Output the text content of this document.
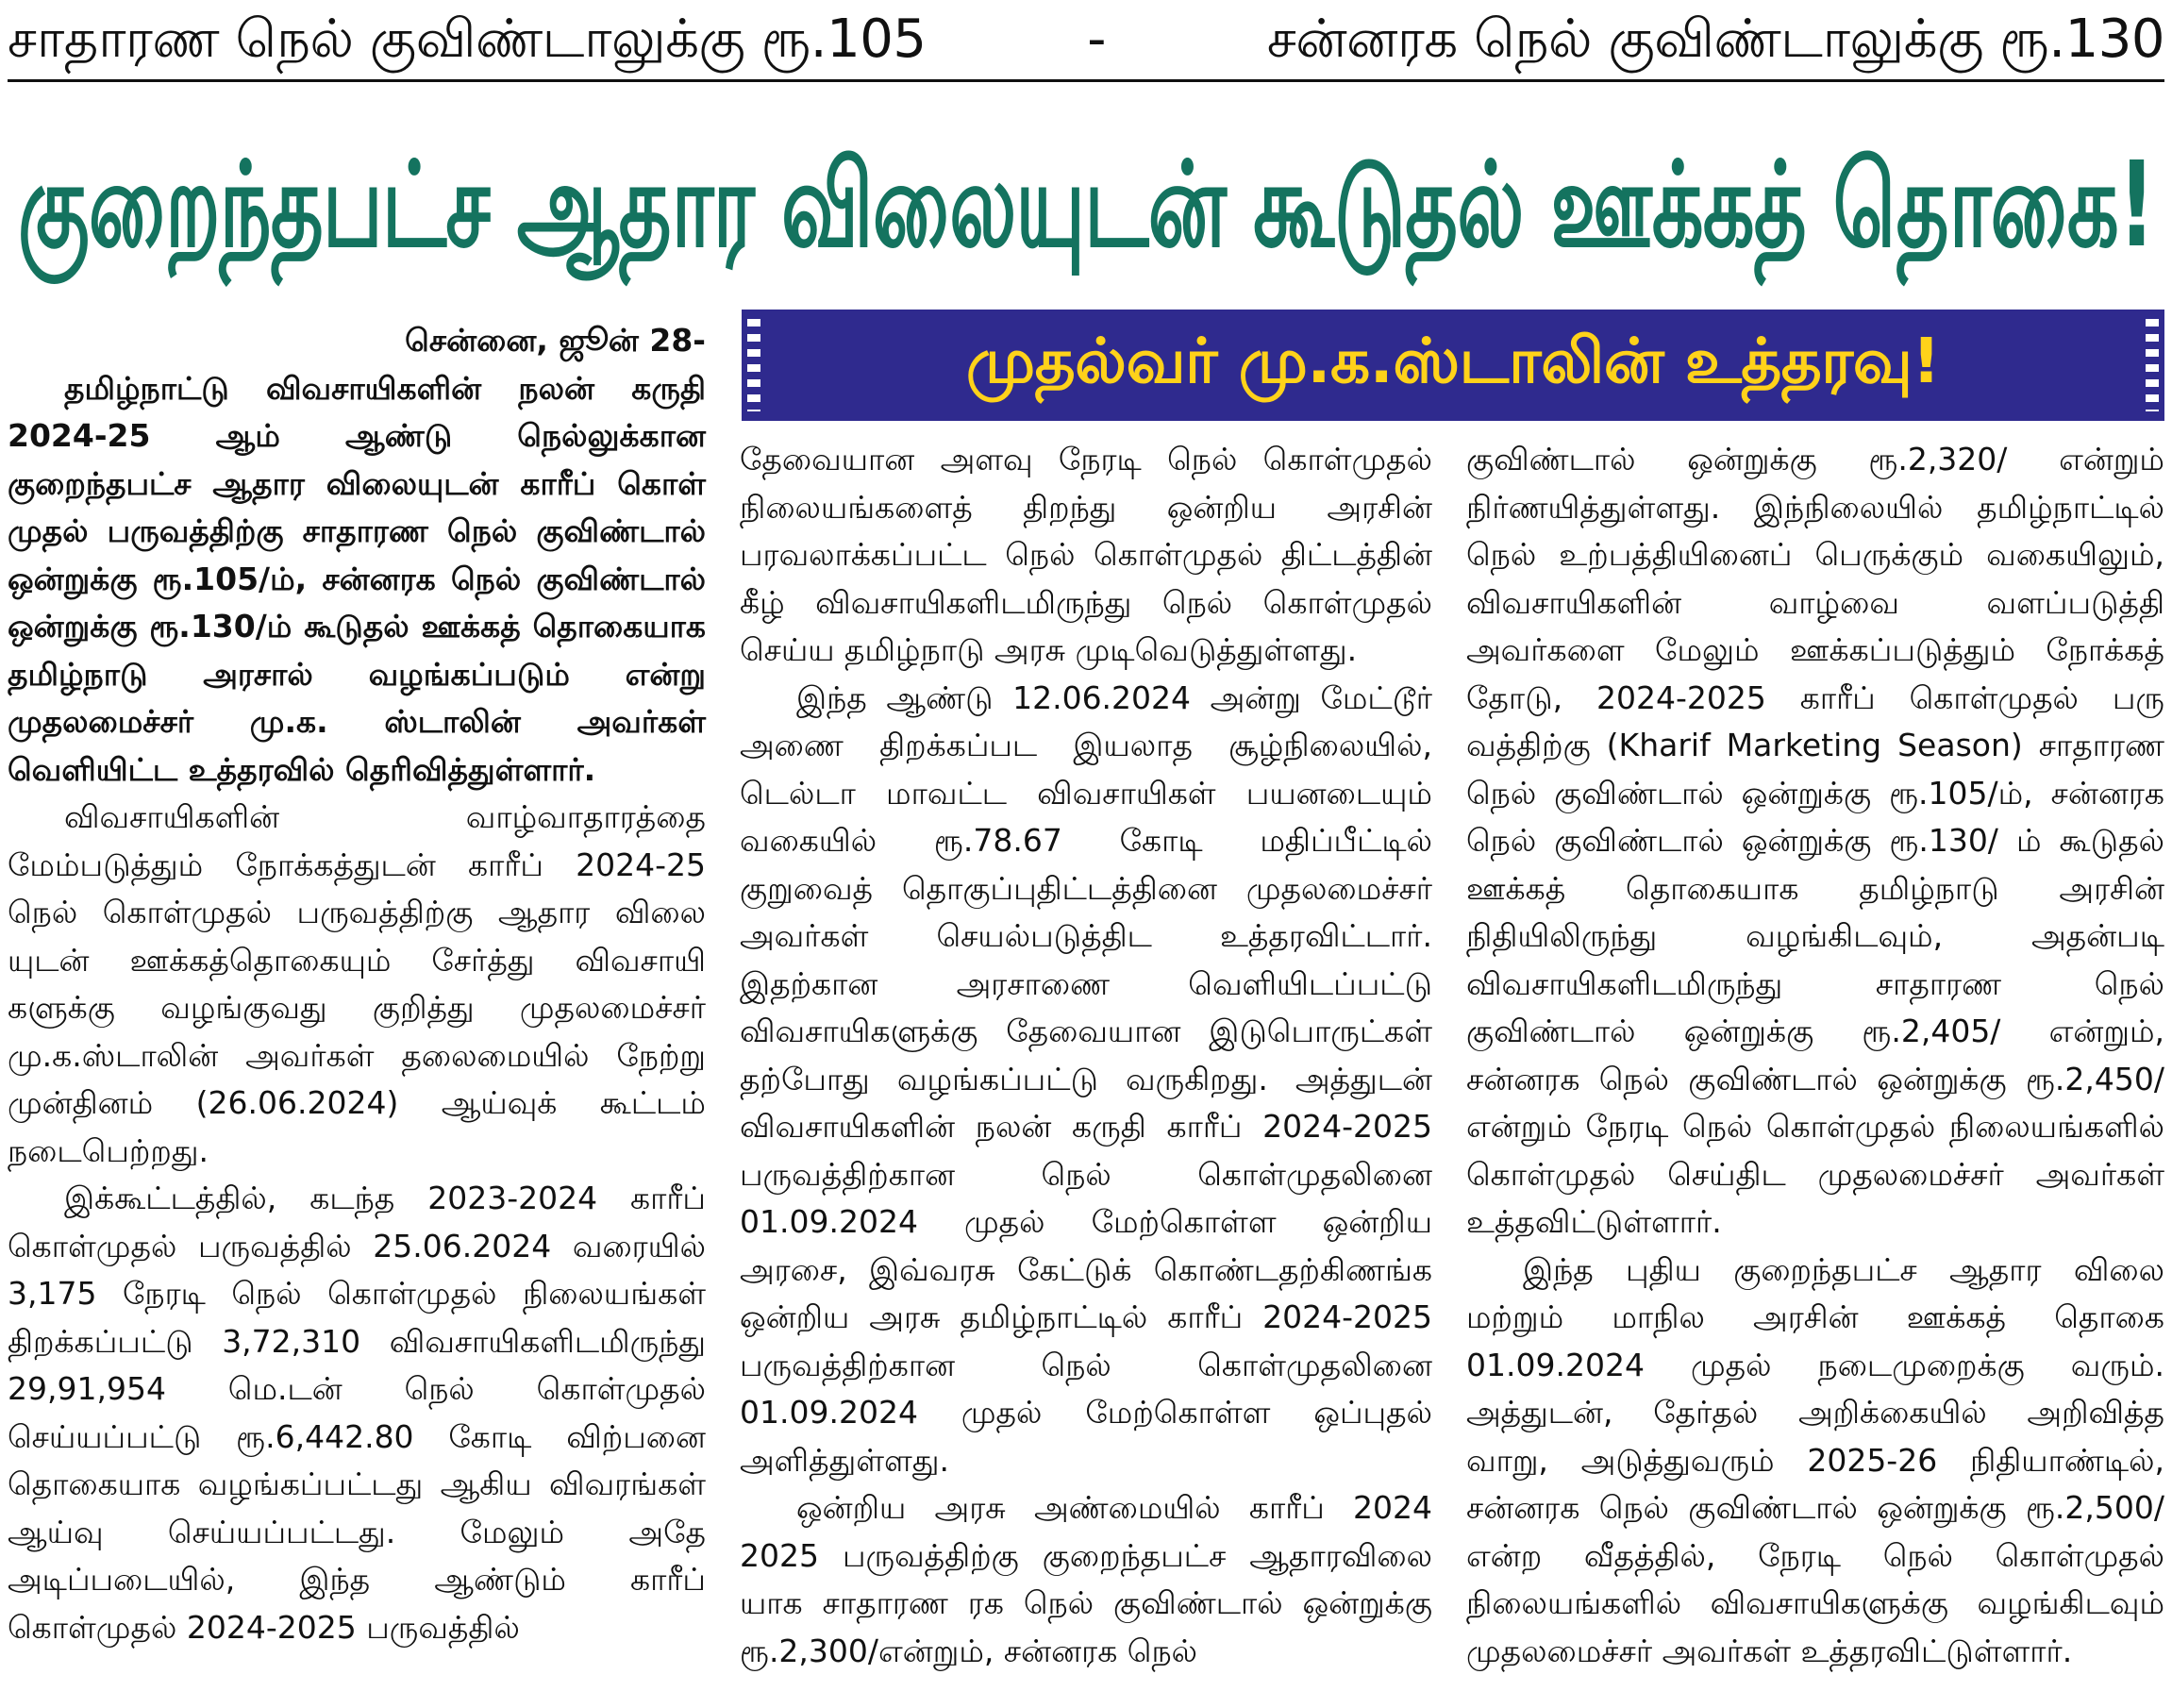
சாதாரண நெல் குவிண்டாலுக்கு ரூ.105	-	சன்னரக நெல் குவிண்டாலுக்கு ரூ.130
குறைந்தபட்ச ஆதார விலையுடன் கூடுதல் ஊக்கத் தொகை!
முதல்வர் மு.க.ஸ்டாலின் உத்தரவு!

சென்னை, ஜூன் 28-

தமிழ்நாட்டு விவசாயிகளின் நலன் கருதி 2024-25 ஆம் ஆண்டு நெல்லுக்கான குறைந்தபட்ச ஆதார விலையுடன் காரீப் கொள் முதல் பருவத்திற்கு சாதாரண நெல் குவிண்டால் ஒன்றுக்கு ரூ.105/ம், சன்னரக நெல் குவிண்டால் ஒன்றுக்கு ரூ.130/ம் கூடுதல் ஊக்கத் தொகையாக தமிழ்நாடு அரசால் வழங்கப்படும் என்று முதலமைச்சர் மு.க. ஸ்டாலின் அவர்கள் வெளியிட்ட உத்தரவில் தெரிவித்துள்ளார்.

விவசாயிகளின் வாழ்வாதாரத்தை மேம்படுத்தும் நோக்கத்துடன் காரீப் 2024-25 நெல் கொள்முதல் பருவத்திற்கு ஆதார விலை யுடன் ஊக்கத்தொகையும் சேர்த்து விவசாயி களுக்கு வழங்குவது குறித்து முதலமைச்சர் மு.க.ஸ்டாலின் அவர்கள் தலைமையில் நேற்று முன்தினம் (26.06.2024) ஆய்வுக் கூட்டம் நடைபெற்றது.

இக்கூட்டத்தில், கடந்த 2023-2024 காரீப் கொள்முதல் பருவத்தில் 25.06.2024 வரையில் 3,175 நேரடி நெல் கொள்முதல் நிலையங்கள் திறக்கப்பட்டு 3,72,310 விவசாயிகளிடமிருந்து 29,91,954 மெ.டன் நெல் கொள்முதல் செய்யப்பட்டு ரூ.6,442.80 கோடி விற்பனை தொகையாக வழங்கப்பட்டது ஆகிய விவரங்கள் ஆய்வு செய்யப்பட்டது. மேலும் அதே அடிப்படையில், இந்த ஆண்டும் காரீப் கொள்முதல் 2024-2025 பருவத்தில்

தேவையான அளவு நேரடி நெல் கொள்முதல் நிலையங்களைத் திறந்து ஒன்றிய அரசின் பரவலாக்கப்பட்ட நெல் கொள்முதல் திட்டத்தின் கீழ் விவசாயிகளிடமிருந்து நெல் கொள்முதல் செய்ய தமிழ்நாடு அரசு முடிவெடுத்துள்ளது.

இந்த ஆண்டு 12.06.2024 அன்று மேட்டூர் அணை திறக்கப்பட இயலாத சூழ்நிலையில், டெல்டா மாவட்ட விவசாயிகள் பயனடையும் வகையில் ரூ.78.67 கோடி மதிப்பீட்டில் குறுவைத் தொகுப்புதிட்டத்தினை முதலமைச்சர் அவர்கள் செயல்படுத்திட உத்தரவிட்டார். இதற்கான அரசாணை வெளியிடப்பட்டு விவசாயிகளுக்கு தேவையான இடுபொருட்கள் தற்போது வழங்கப்பட்டு வருகிறது. அத்துடன் விவசாயிகளின் நலன் கருதி காரீப் 2024-2025 பருவத்திற்கான நெல் கொள்முதலினை 01.09.2024 முதல் மேற்கொள்ள ஒன்றிய அரசை, இவ்வரசு கேட்டுக் கொண்டதற்கிணங்க ஒன்றிய அரசு தமிழ்நாட்டில் காரீப் 2024-2025 பருவத்திற்கான நெல் கொள்முதலினை 01.09.2024 முதல் மேற்கொள்ள ஒப்புதல் அளித்துள்ளது.

ஒன்றிய அரசு அண்மையில் காரீப் 2024 2025 பருவத்திற்கு குறைந்தபட்ச ஆதாரவிலை யாக சாதாரண ரக நெல் குவிண்டால் ஒன்றுக்கு ரூ.2,300/என்றும், சன்னரக நெல்

குவிண்டால் ஒன்றுக்கு ரூ.2,320/ என்றும் நிர்ணயித்துள்ளது. இந்நிலையில் தமிழ்நாட்டில் நெல் உற்பத்தியினைப் பெருக்கும் வகையிலும், விவசாயிகளின் வாழ்வை வளப்படுத்தி அவர்களை மேலும் ஊக்கப்படுத்தும் நோக்கத் தோடு, 2024-2025 காரீப் கொள்முதல் பரு வத்திற்கு (Kharif Marketing Season) சாதாரண நெல் குவிண்டால் ஒன்றுக்கு ரூ.105/ம், சன்னரக நெல் குவிண்டால் ஒன்றுக்கு ரூ.130/ ம் கூடுதல் ஊக்கத் தொகையாக தமிழ்நாடு அரசின் நிதியிலிருந்து வழங்கிடவும், அதன்படி விவசாயிகளிடமிருந்து சாதாரண நெல் குவிண்டால் ஒன்றுக்கு ரூ.2,405/ என்றும், சன்னரக நெல் குவிண்டால் ஒன்றுக்கு ரூ.2,450/ என்றும் நேரடி நெல் கொள்முதல் நிலையங்களில் கொள்முதல் செய்திட முதலமைச்சர் அவர்கள் உத்தவிட்டுள்ளார்.

இந்த புதிய குறைந்தபட்ச ஆதார விலை மற்றும் மாநில அரசின் ஊக்கத் தொகை 01.09.2024 முதல் நடைமுறைக்கு வரும். அத்துடன், தேர்தல் அறிக்கையில் அறிவித்த வாறு, அடுத்துவரும் 2025-26 நிதியாண்டில், சன்னரக நெல் குவிண்டால் ஒன்றுக்கு ரூ.2,500/ என்ற வீதத்தில், நேரடி நெல் கொள்முதல் நிலையங்களில் விவசாயிகளுக்கு வழங்கிடவும் முதலமைச்சர் அவர்கள் உத்தரவிட்டுள்ளார்.
